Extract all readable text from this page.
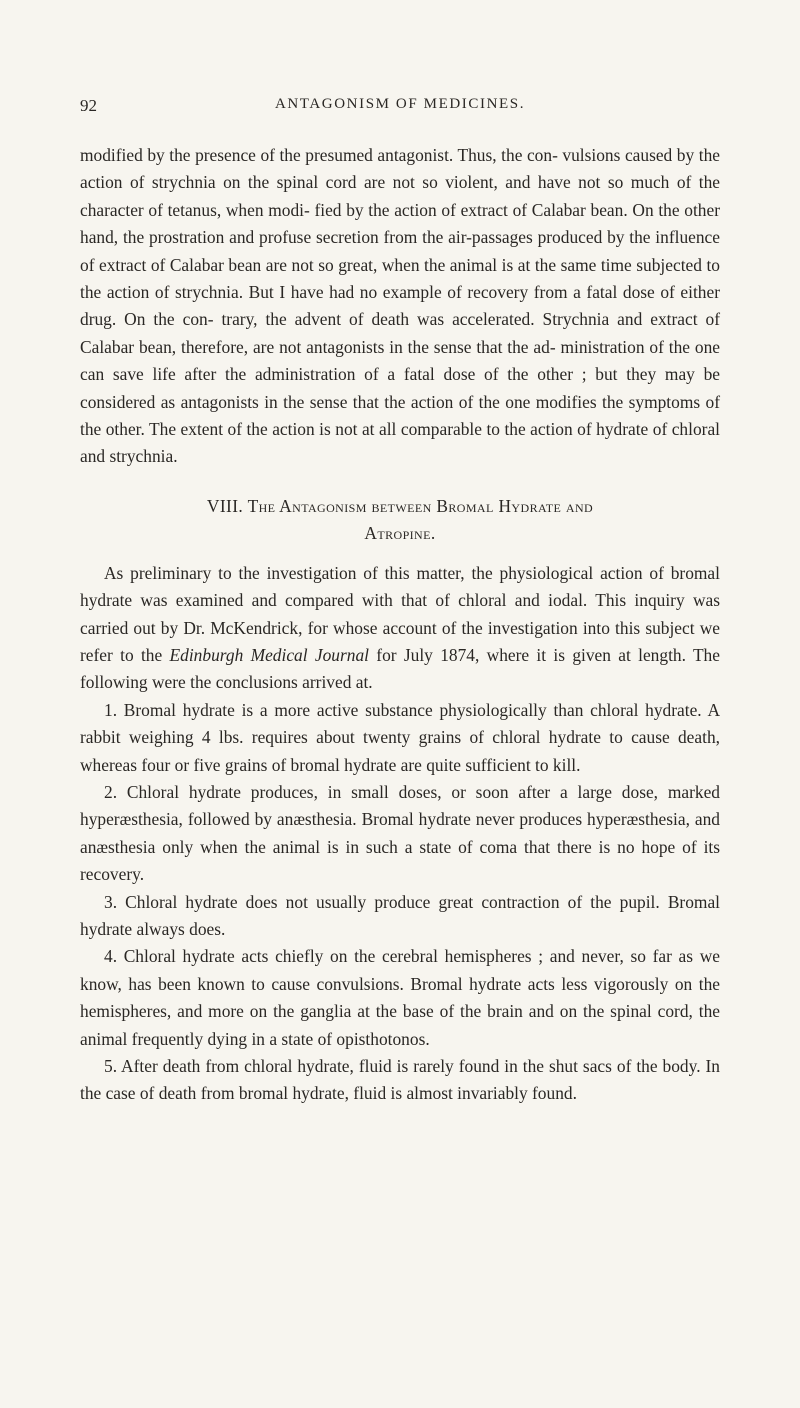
92	ANTAGONISM OF MEDICINES.

modified by the presence of the presumed antagonist. Thus, the con- vulsions caused by the action of strychnia on the spinal cord are not so violent, and have not so much of the character of tetanus, when modi- fied by the action of extract of Calabar bean. On the other hand, the prostration and profuse secretion from the air-passages produced by the influence of extract of Calabar bean are not so great, when the animal is at the same time subjected to the action of strychnia. But I have had no example of recovery from a fatal dose of either drug. On the con- trary, the advent of death was accelerated. Strychnia and extract of Calabar bean, therefore, are not antagonists in the sense that the ad- ministration of the one can save life after the administration of a fatal dose of the other ; but they may be considered as antagonists in the sense that the action of the one modifies the symptoms of the other. The extent of the action is not at all comparable to the action of hydrate of chloral and strychnia.

VIII. The Antagonism between Bromal Hydrate and
Atropine.

As preliminary to the investigation of this matter, the physiological action of bromal hydrate was examined and compared with that of chloral and iodal. This inquiry was carried out by Dr. McKendrick, for whose account of the investigation into this subject we refer to the Edinburgh Medical Journal for July 1874, where it is given at length. The following were the conclusions arrived at.

1. Bromal hydrate is a more active substance physiologically than chloral hydrate. A rabbit weighing 4 lbs. requires about twenty grains of chloral hydrate to cause death, whereas four or five grains of bromal hydrate are quite sufficient to kill.

2. Chloral hydrate produces, in small doses, or soon after a large dose, marked hyperæsthesia, followed by anæsthesia. Bromal hydrate never produces hyperæsthesia, and anæsthesia only when the animal is in such a state of coma that there is no hope of its recovery.

3. Chloral hydrate does not usually produce great contraction of the pupil. Bromal hydrate always does.

4. Chloral hydrate acts chiefly on the cerebral hemispheres ; and never, so far as we know, has been known to cause convulsions. Bromal hydrate acts less vigorously on the hemispheres, and more on the ganglia at the base of the brain and on the spinal cord, the animal frequently dying in a state of opisthotonos.

5. After death from chloral hydrate, fluid is rarely found in the shut sacs of the body. In the case of death from bromal hydrate, fluid is almost invariably found.
